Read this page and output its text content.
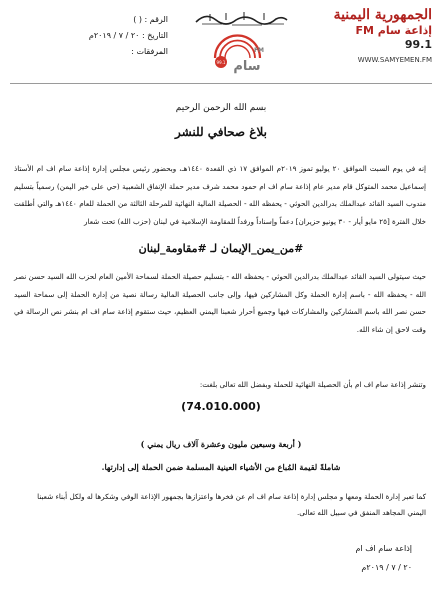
الرقم : ( )
التاريخ : ٢٠ / ٧ / ٢٠١٩م
المرفقات :
99.1 سام
FM
الجمهورية اليمنية
إذاعة سام FM
99.1
WWW.SAMYEMEN.FM
بسم الله الرحمن الرحيم
بلاغ صحافي للنشر
إنه في يوم السبت الموافق ٢٠ يوليو تموز ٢٠١٩م الموافق ١٧ ذي القعدة ١٤٤٠هـ، وبحضور رئيس مجلس إدارة إذاعة سام اف ام الأستاذ إسماعيل محمد المتوكل قام مدير عام إذاعة سام اف ام حمود محمد شرف مدير حملة الإنفاق الشعبية (حي على خير اليمن) رسمياً بتسليم مندوب السيد القائد عبدالملك بدرالدين الحوثي - يحفظه الله - الحصيلة المالية النهائية للمرحلة الثالثة من الحملة للعام ١٤٤٠هـ والتي أطلقت خلال الفترة [٢٥ مايو أيار - ٣٠ يونيو حزيران] دعماً وإسناداً ورفداً للمقاومة الإسلامية في لبنان (حزب الله) تحت شعار
#من_يمن_الإيمان لـ #مقاومة_لبنان
حيث سيتولى السيد القائد عبدالملك بدرالدين الحوثي - يحفظه الله - بتسليم حصيلة الحملة لسماحة الأمين العام لحزب الله السيد حسن نصر الله - يحفظه الله - باسم إدارة الحملة وكل المشاركين فيها، وإلى جانب الحصيلة المالية رسالة نصية من إدارة الحملة إلى سماحة السيد حسن نصر الله باسم المشاركين والمشاركات فيها وجميع أحرار شعبنا اليمني العظيم، حيث ستقوم إذاعة سام اف ام بنشر نص الرسالة في وقت لاحق إن شاء الله.
وتنشر إذاعة سام اف ام بأن الحصيلة النهائية للحملة وبفضل الله تعالى بلغت:
(74.010.000)
( أربعة وسبعين مليون وعشرة آلاف ريال يمني )
شاملةً لقيمة المُباع من الأشياء العينية المسلمة ضمن الحملة إلى إدارتها.
كما تعبر إدارة الحملة ومعها و مجلس إدارة إذاعة سام اف ام عن فخرها واعتزازها بجمهور الإذاعة الوفي وشكرها له ولكل أبناء شعبنا اليمني المجاهد المنفق في سبيل الله تعالى.
إذاعة سام اف ام
٢٠ / ٧ / ٢٠١٩م
